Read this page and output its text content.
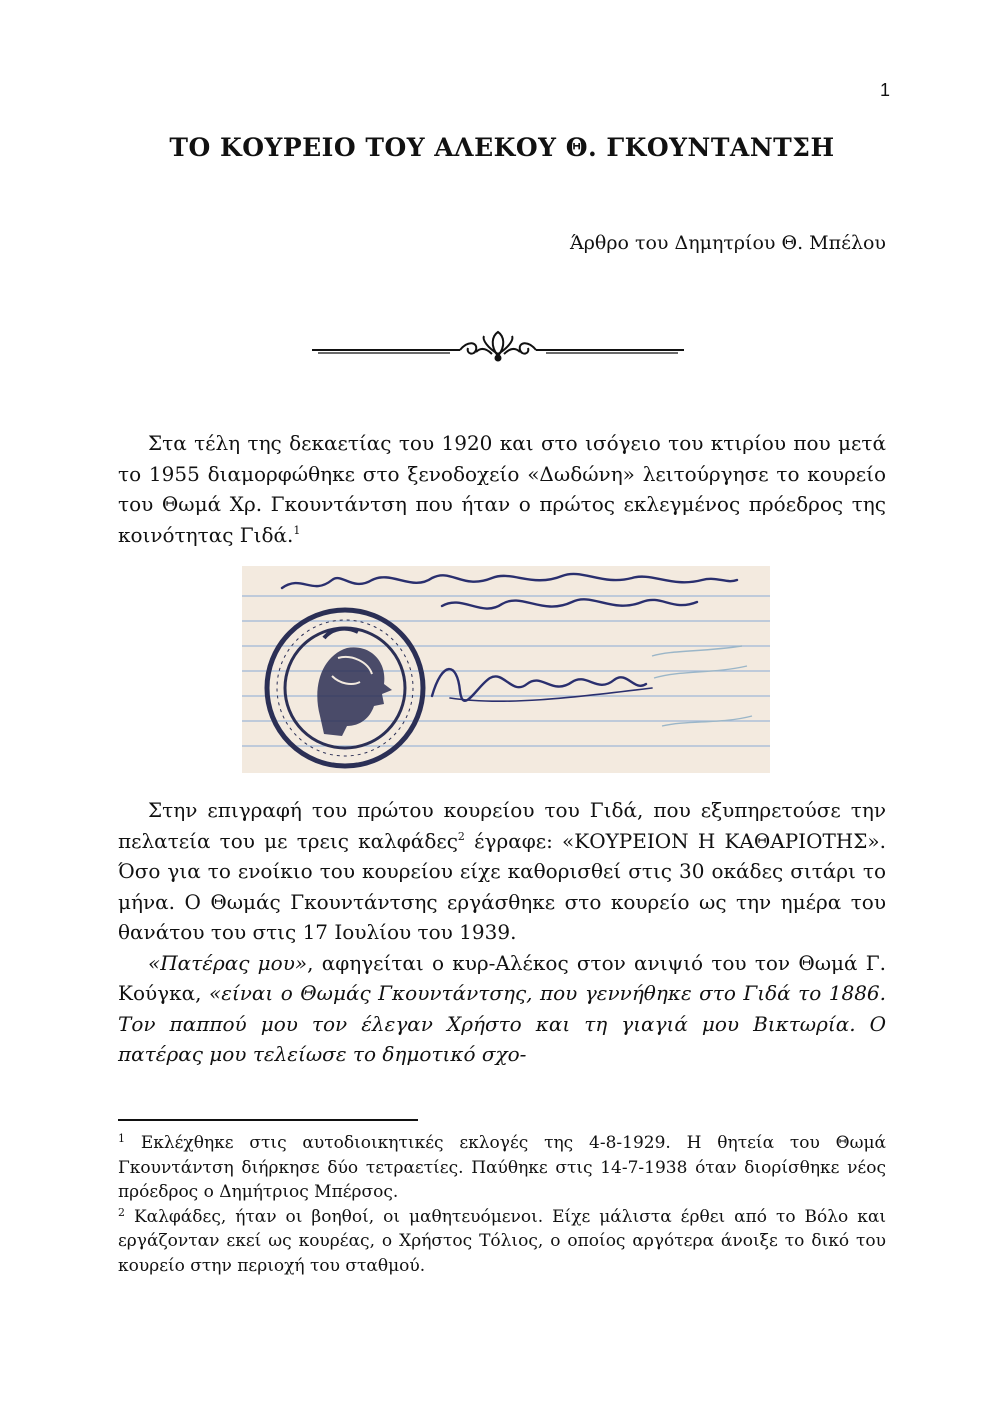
1
ΤΟ ΚΟΥΡΕΙΟ ΤΟΥ ΑΛΕΚΟΥ Θ. ΓΚΟΥΝΤΑΝΤΣΗ
Άρθρο του Δημητρίου Θ. Μπέλου

Στα τέλη της δεκαετίας του 1920 και στο ισόγειο του κτιρίου που μετά το 1955 διαμορφώθηκε στο ξενοδοχείο «Δωδώνη» λειτούργησε το κουρείο του Θωμά Χρ. Γκουντάντση που ήταν ο πρώτος εκλεγμένος πρόεδρος της κοινότητας Γιδά.$^1$

Στην επιγραφή του πρώτου κουρείου του Γιδά, που εξυπηρετούσε την πελατεία του με τρεις καλφάδες$^2$ έγραφε: «ΚΟΥΡΕΙΟΝ Η ΚΑΘΑΡΙΟΤΗΣ». Όσο για το ενοίκιο του κουρείου είχε καθορισθεί στις 30 οκάδες σιτάρι το μήνα. Ο Θωμάς Γκουντάντσης εργάσθηκε στο κουρείο ως την ημέρα του θανάτου του στις 17 Ιουλίου του 1939.

«Πατέρας μου», αφηγείται ο κυρ-Αλέκος στον ανιψιό του τον Θωμά Γ. Κούγκα, «είναι ο Θωμάς Γκουντάντσης, που γεννήθηκε στο Γιδά το 1886. Τον παππού μου τον έλεγαν Χρήστο και τη γιαγιά μου Βικτωρία. Ο πατέρας μου τελείωσε το δημοτικό σχο-

$^1$ Εκλέχθηκε στις αυτοδιοικητικές εκλογές της 4-8-1929. Η θητεία του Θωμά Γκουντάντση διήρκησε δύο τετραετίες. Παύθηκε στις 14-7-1938 όταν διορίσθηκε νέος πρόεδρος ο Δημήτριος Μπέρσος.

$^2$ Καλφάδες, ήταν οι βοηθοί, οι μαθητευόμενοι. Είχε μάλιστα έρθει από το Βόλο και εργάζονταν εκεί ως κουρέας, ο Χρήστος Τόλιος, ο οποίος αργότερα άνοιξε το δικό του κουρείο στην περιοχή του σταθμού.
